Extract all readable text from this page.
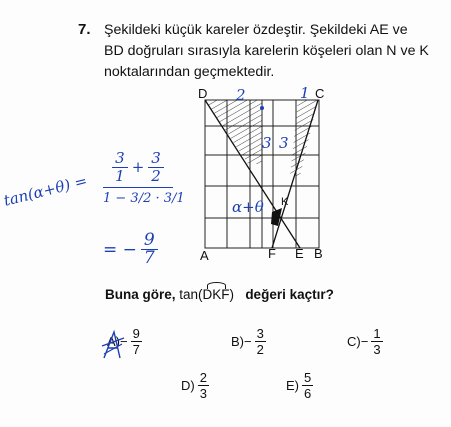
7. Şekildeki küçük kareler özdeştir. Şekildeki AE ve
BD doğruları sırasıyla karelerin köşeleri olan N ve K
noktalarından geçmektedir.
D	C
A	F E B
K
2	1
3 3
α+θ
tan(α+θ) =
3
$1 + \frac{3}{2}$
1 − 3/2 · 3/1
= − $\frac{9}{7}$
Buna göre, tan(DKF) değeri kaçtır?
$A) - \frac{9}{7}$	$B) - \frac{3}{2}$	$C) - \frac{1}{3}$
$D) \frac{2}{3}$	$E) \frac{5}{6}$
